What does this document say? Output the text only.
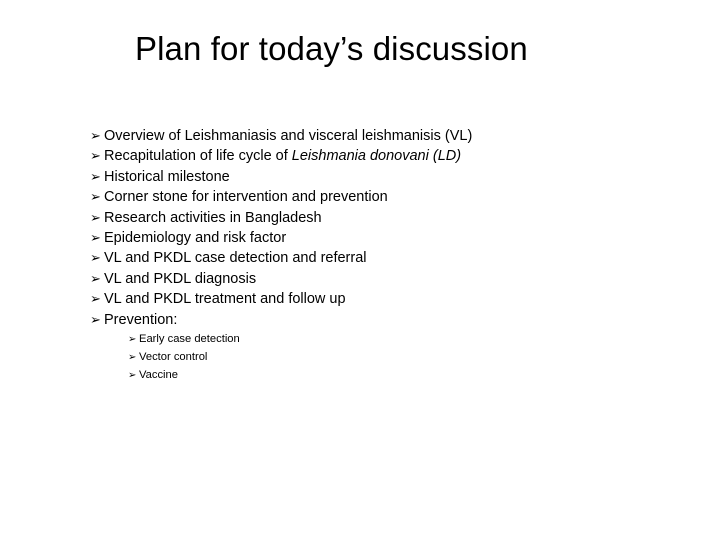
Plan for today’s discussion
➢ Overview of Leishmaniasis and visceral leishmanisis (VL)
➢ Recapitulation of life cycle of Leishmania donovani (LD)
➢ Historical milestone
➢ Corner stone for intervention and prevention
➢ Research activities in Bangladesh
➢ Epidemiology and risk factor
➢ VL and PKDL case detection and referral
➢ VL and PKDL diagnosis
➢ VL and PKDL treatment and follow up
➢ Prevention:
➢ Early case detection
➢ Vector control
➢ Vaccine
